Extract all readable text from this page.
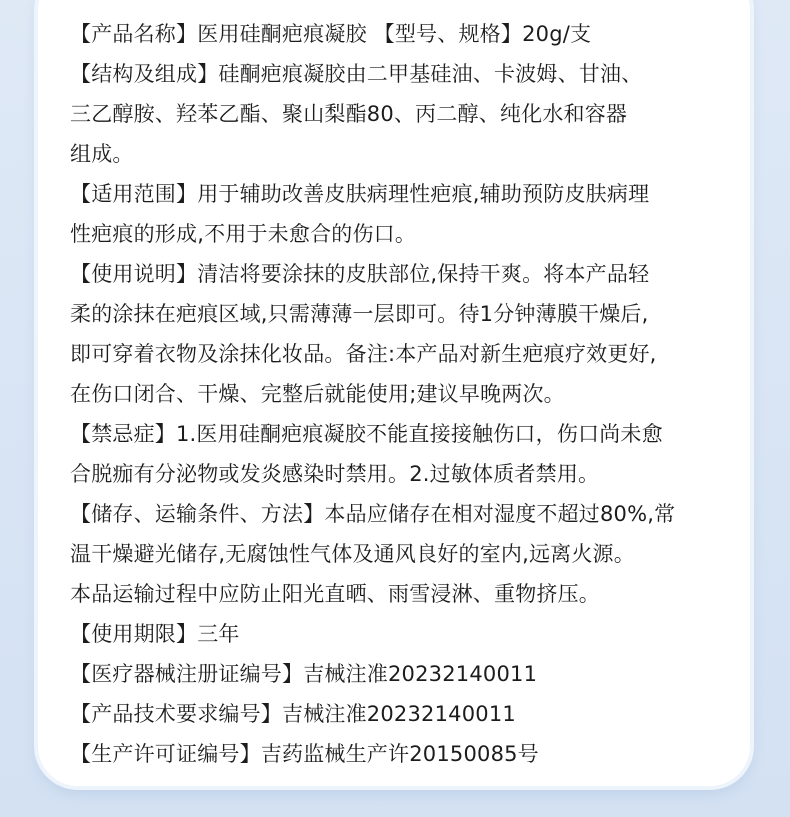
【产品名称】医用硅酮疤痕凝胶 【型号、规格】20g/支
【结构及组成】硅酮疤痕凝胶由二甲基硅油、卡波姆、甘油、
三乙醇胺、羟苯乙酯、聚山梨酯80、丙二醇、纯化水和容器
组成。
【适用范围】用于辅助改善皮肤病理性疤痕,辅助预防皮肤病理
性疤痕的形成,不用于未愈合的伤口。
【使用说明】清洁将要涂抹的皮肤部位,保持干爽。将本产品轻
柔的涂抹在疤痕区域,只需薄薄一层即可。待1分钟薄膜干燥后,
即可穿着衣物及涂抹化妆品。备注:本产品对新生疤痕疗效更好,
在伤口闭合、干燥、完整后就能使用;建议早晚两次。
【禁忌症】1.医用硅酮疤痕凝胶不能直接接触伤口，伤口尚未愈
合脱痂有分泌物或发炎感染时禁用。2.过敏体质者禁用。
【储存、运输条件、方法】本品应储存在相对湿度不超过80%,常
温干燥避光储存,无腐蚀性气体及通风良好的室内,远离火源。
本品运输过程中应防止阳光直晒、雨雪浸淋、重物挤压。
【使用期限】三年
【医疗器械注册证编号】吉械注准20232140011
【产品技术要求编号】吉械注准20232140011
【生产许可证编号】吉药监械生产许20150085号
